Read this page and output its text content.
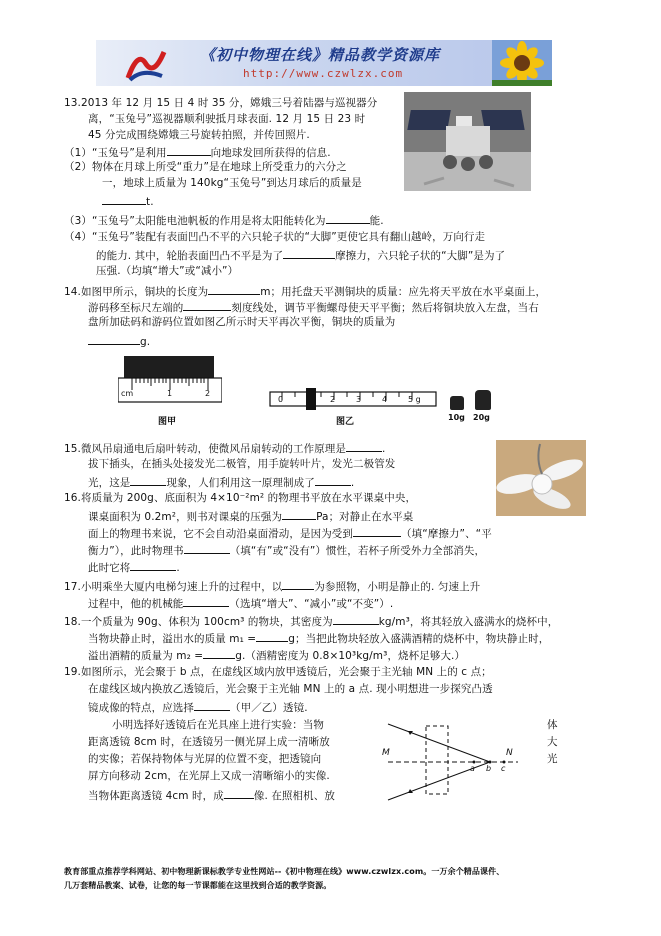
《初中物理在线》精品教学资源库
http://www.czwlzx.com
13.2013 年 12 月 15 日 4 时 35 分，嫦娥三号着陆器与巡视器分
离，“玉兔号”巡视器顺利驶抵月球表面. 12 月 15 日 23 时
45 分完成围绕嫦娥三号旋转拍照，并传回照片.
（1）“玉兔号”是利用	向地球发回所获得的信息.
（2）物体在月球上所受“重力”是在地球上所受重力的六分之
一，地球上质量为 140kg“玉兔号”到达月球后的质量是
t.
（3）“玉兔号”太阳能电池帆板的作用是将太阳能转化为	能.
（4）“玉兔号”装配有表面凹凸不平的六只轮子状的“大脚”更使它具有翻山越岭，万向行走
的能力. 其中，轮胎表面凹凸不平是为了	摩擦力，六只轮子状的“大脚”是为了
压强.（均填“增大”或“减小”）
14.如图甲所示，铜块的长度为	m；用托盘天平测铜块的质量：应先将天平放在水平桌面上，
游码移至标尺左端的	刻度线处，调节平衡螺母使天平平衡；然后将铜块放入左盘，当右
盘所加砝码和游码位置如图乙所示时天平再次平衡，铜块的质量为
g.
cm	1	2
图甲
0	2	3	4	5 g
图乙	10g 20g
15.微风吊扇通电后扇叶转动，使微风吊扇转动的工作原理是	.
拔下插头，在插头处接发光二极管，用手旋转叶片，发光二极管发
光，这是	现象，人们利用这一原理制成了	.
16.将质量为 200g、底面积为 4×10⁻²m² 的物理书平放在水平课桌中央，
课桌面积为 0.2m²，则书对课桌的压强为	Pa；对静止在水平桌
面上的物理书来说，它不会自动沿桌面滑动，是因为受到	（填“摩擦力”、“平
衡力”），此时物理书	（填“有”或“没有”）惯性，若杯子所受外力全部消失，
此时它将	.
17.小明乘坐大厦内电梯匀速上升的过程中，以	为参照物，小明是静止的. 匀速上升
过程中，他的机械能	（选填“增大”、“减小”或“不变”）.
18.一个质量为 90g、体积为 100cm³ 的物块，其密度为	kg/m³，将其轻放入盛满水的烧杯中，
当物块静止时，溢出水的质量 m₁ =	g；当把此物块轻放入盛满酒精的烧杯中，物块静止时，
溢出酒精的质量为 m₂ =	g.（酒精密度为 0.8×10³kg/m³，烧杯足够大.）
19.如图所示，光会聚于 b 点，在虚线区域内放甲透镜后，光会聚于主光轴 MN 上的 c 点；
在虚线区域内换放乙透镜后，光会聚于主光轴 MN 上的 a 点. 现小明想进一步探究凸透
镜成像的特点，应选择	（甲／乙）透镜.
小明选择好透镜后在光具座上进行实验：当物	体
距离透镜 8cm 时，在透镜另一侧光屏上成一清晰放	大
的实像；若保持物体与光屏的位置不变，把透镜向	光
屏方向移动 2cm，在光屏上又成一清晰缩小的实像.
当物体距离透镜 4cm 时，成	像. 在照相机、放
M	N
a b c
教育部重点推荐学科网站、初中物理新课标教学专业性网站--《初中物理在线》www.czwlzx.com。一万余个精品课件、
几万套精品教案、试卷，让您的每一节课都能在这里找到合适的教学资源。
